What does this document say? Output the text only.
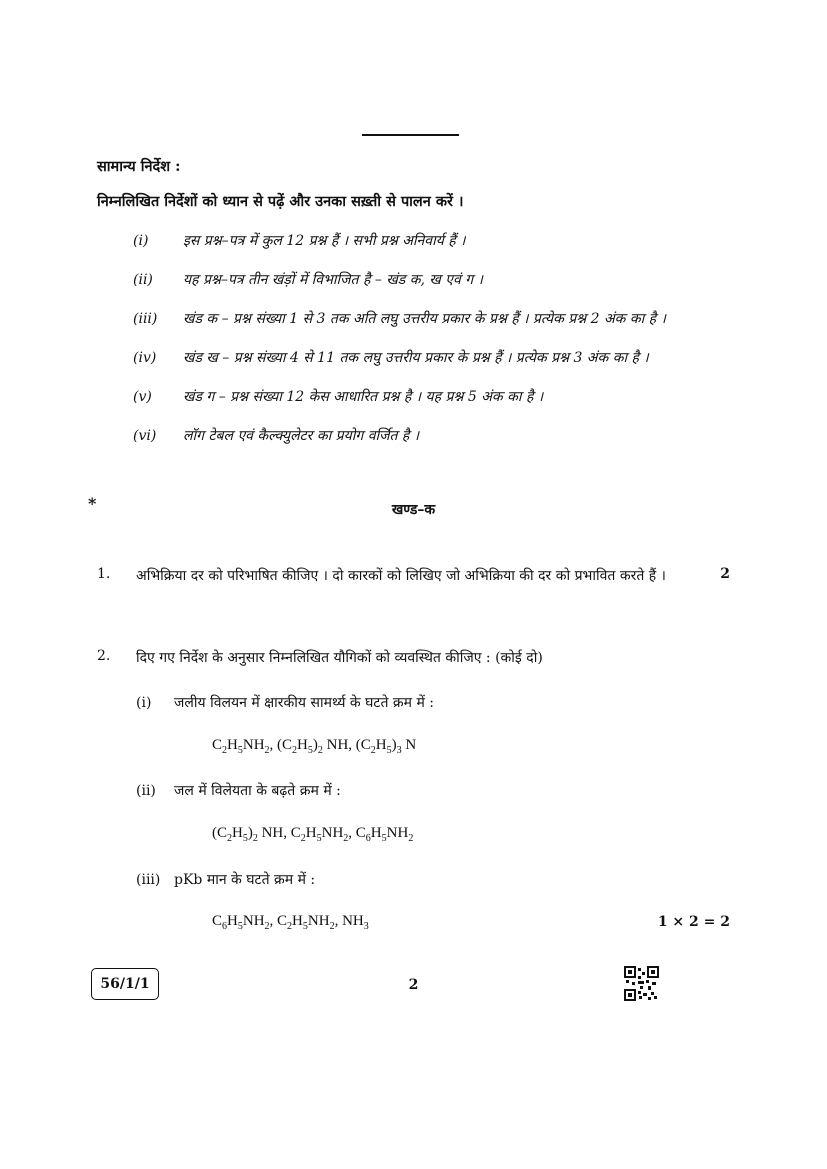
सामान्य निर्देश :
निम्नलिखित निर्देशों को ध्यान से पढ़ें और उनका सख़्ती से पालन करें ।
(i) इस प्रश्न–पत्र में कुल 12 प्रश्न हैं । सभी प्रश्न अनिवार्य हैं ।
(ii) यह प्रश्न–पत्र तीन खंड़ों में विभाजित है – खंड क, ख एवं ग ।
(iii) खंड क – प्रश्न संख्या 1 से 3 तक अति लघु उत्तरीय प्रकार के प्रश्न हैं । प्रत्येक प्रश्न 2 अंक का है ।
(iv) खंड ख – प्रश्न संख्या 4 से 11 तक लघु उत्तरीय प्रकार के प्रश्न हैं । प्रत्येक प्रश्न 3 अंक का है ।
(v) खंड ग – प्रश्न संख्या 12 केस आधारित प्रश्न है । यह प्रश्न 5 अंक का है ।
(vi) लॉग टेबल एवं कैल्क्युलेटर का प्रयोग वर्जित है ।
*	खण्ड–क
1. अभिक्रिया दर को परिभाषित कीजिए । दो कारकों को लिखिए जो अभिक्रिया की दर को प्रभावित करते हैं ।	2
2. दिए गए निर्देश के अनुसार निम्नलिखित यौगिकों को व्यवस्थित कीजिए : (कोई दो)
(i) जलीय विलयन में क्षारकीय सामर्थ्य के घटते क्रम में :
$C_2H_5NH_2$, $(C_2H_5)_2$ NH, $(C_2H_5)_3$ N
(ii) जल में विलेयता के बढ़ते क्रम में :
$(C_2H_5)_2$ NH, $C_2H_5NH_2$, $C_6H_5NH_2$
(iii) pKb मान के घटते क्रम में :
$C_6H_5NH_2$, $C_2H_5NH_2$, $NH_3$	1 × 2 = 2
56/1/1	2
